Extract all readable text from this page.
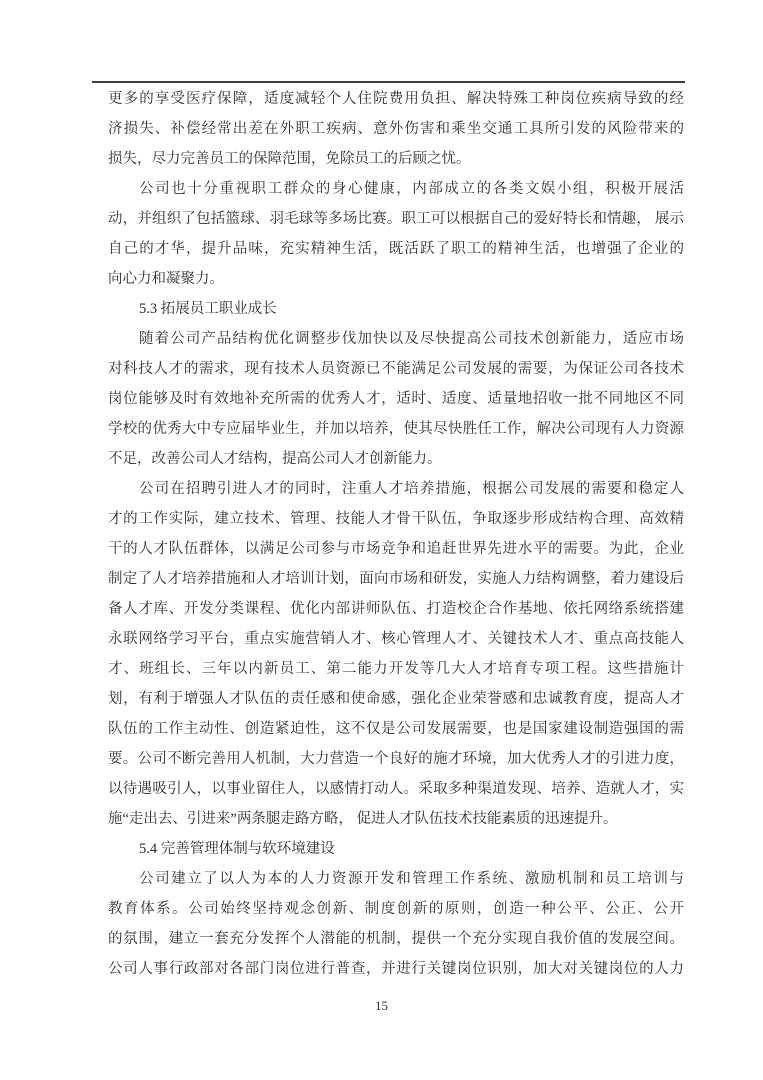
更多的享受医疗保障，适度减轻个人住院费用负担、解决特殊工种岗位疾病导致的经
济损失、补偿经常出差在外职工疾病、意外伤害和乘坐交通工具所引发的风险带来的
损失，尽力完善员工的保障范围，免除员工的后顾之忧。
公司也十分重视职工群众的身心健康，内部成立的各类文娱小组，积极开展活
动，并组织了包括篮球、羽毛球等多场比赛。职工可以根据自己的爱好特长和情趣， 展示
自己的才华，提升品味，充实精神生活，既活跃了职工的精神生活，也增强了企业的
向心力和凝聚力。
5.3 拓展员工职业成长
随着公司产品结构优化调整步伐加快以及尽快提高公司技术创新能力，适应市场
对科技人才的需求，现有技术人员资源已不能满足公司发展的需要，为保证公司各技术
岗位能够及时有效地补充所需的优秀人才，适时、适度、适量地招收一批不同地区不同
学校的优秀大中专应届毕业生，并加以培养，使其尽快胜任工作，解决公司现有人力资源
不足，改善公司人才结构，提高公司人才创新能力。
公司在招聘引进人才的同时，注重人才培养措施，根据公司发展的需要和稳定人
才的工作实际，建立技术、管理、技能人才骨干队伍，争取逐步形成结构合理、高效精
干的人才队伍群体，以满足公司参与市场竞争和追赶世界先进水平的需要。为此，企业
制定了人才培养措施和人才培训计划，面向市场和研发，实施人力结构调整，着力建设后
备人才库、开发分类课程、优化内部讲师队伍、打造校企合作基地、依托网络系统搭建
永联网络学习平台，重点实施营销人才、核心管理人才、关键技术人才、重点高技能人
才、班组长、三年以内新员工、第二能力开发等几大人才培育专项工程。这些措施计
划，有利于增强人才队伍的责任感和使命感，强化企业荣誉感和忠诚教育度，提高人才
队伍的工作主动性、创造紧迫性，这不仅是公司发展需要，也是国家建设制造强国的需
要。公司不断完善用人机制，大力营造一个良好的施才环境，加大优秀人才的引进力度，
以待遇吸引人，以事业留住人，以感情打动人。采取多种渠道发现、培养、造就人才，实
施“走出去、引进来”两条腿走路方略， 促进人才队伍技术技能素质的迅速提升。
5.4 完善管理体制与软环境建设
公司建立了以人为本的人力资源开发和管理工作系统、激励机制和员工培训与
教育体系。公司始终坚持观念创新、制度创新的原则，创造一种公平、公正、公开
的氛围，建立一套充分发挥个人潜能的机制，提供一个充分实现自我价值的发展空间。
公司人事行政部对各部门岗位进行普查，并进行关键岗位识别，加大对关键岗位的人力
15
